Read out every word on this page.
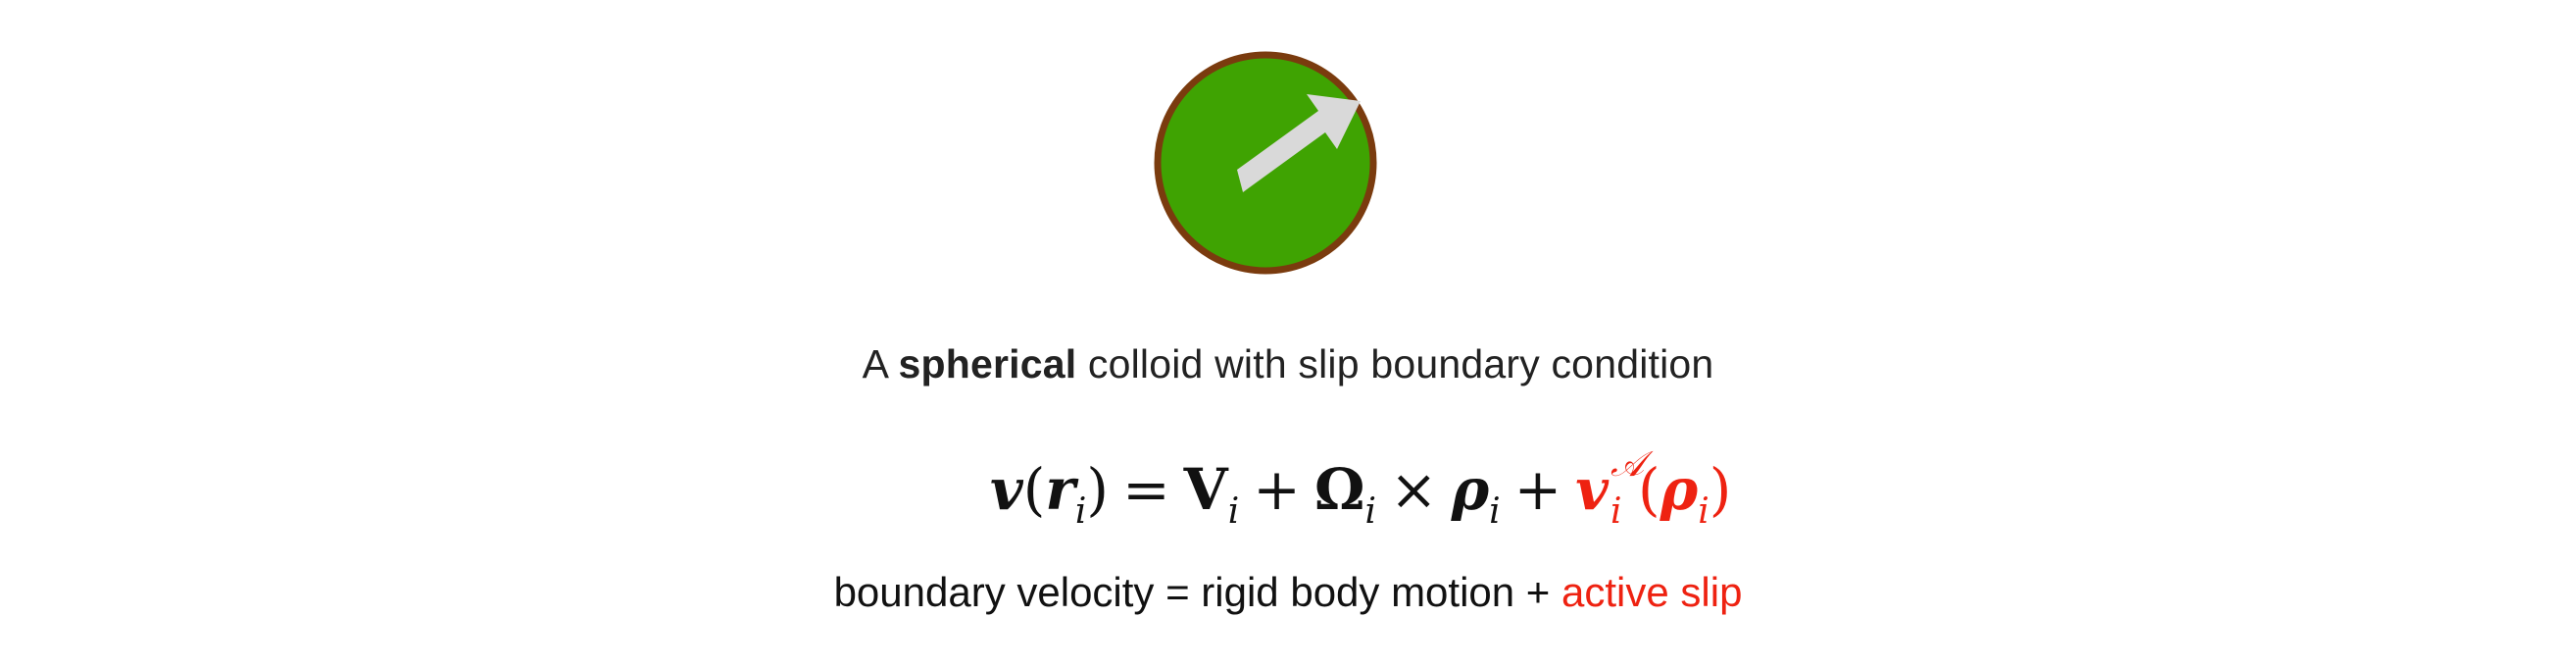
A spherical colloid with slip boundary condition
$v(r_i) = V_i + \Omega_i \times \rho_i + v$ 𝒜
i $(\rho_i)$
boundary velocity = rigid body motion + active slip
